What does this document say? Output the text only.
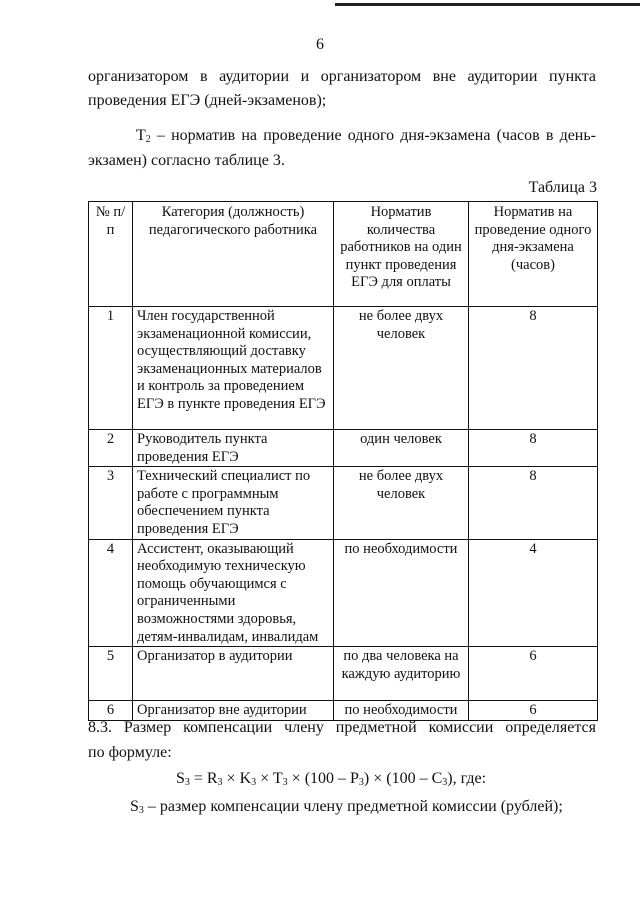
6
организатором в аудитории и организатором вне аудитории пункта
проведения ЕГЭ (дней-экзаменов);
$T_2$ – норматив на проведение одного дня-экзамена (часов в день-
экзамен) согласно таблице 3.
Таблица 3
№ п/п	Категория (должность) педагогического работника	Норматив количества работников на один пункт проведения ЕГЭ для оплаты	Норматив на проведение одного дня-экзамена (часов)
1	Член государственной экзаменационной комиссии, осуществляющий доставку экзаменационных материалов и контроль за проведением ЕГЭ в пункте проведения ЕГЭ	не более двух человек	8
2	Руководитель пункта проведения ЕГЭ	один человек	8
3	Технический специалист по работе с программным обеспечением пункта проведения ЕГЭ	не более двух человек	8
4	Ассистент, оказывающий необходимую техническую помощь обучающимся с ограниченными возможностями здоровья, детям-инвалидам, инвалидам	по необходимости	4
5	Организатор в аудитории	по два человека на каждую аудиторию	6
6	Организатор вне аудитории	по необходимости	6
8.3. Размер компенсации члену предметной комиссии определяется
по формуле:
$S_3 = R_3 \times K_3 \times T_3 \times (100 - P_3) \times (100 - C_3)$, где:
$S_3$ – размер компенсации члену предметной комиссии (рублей);
